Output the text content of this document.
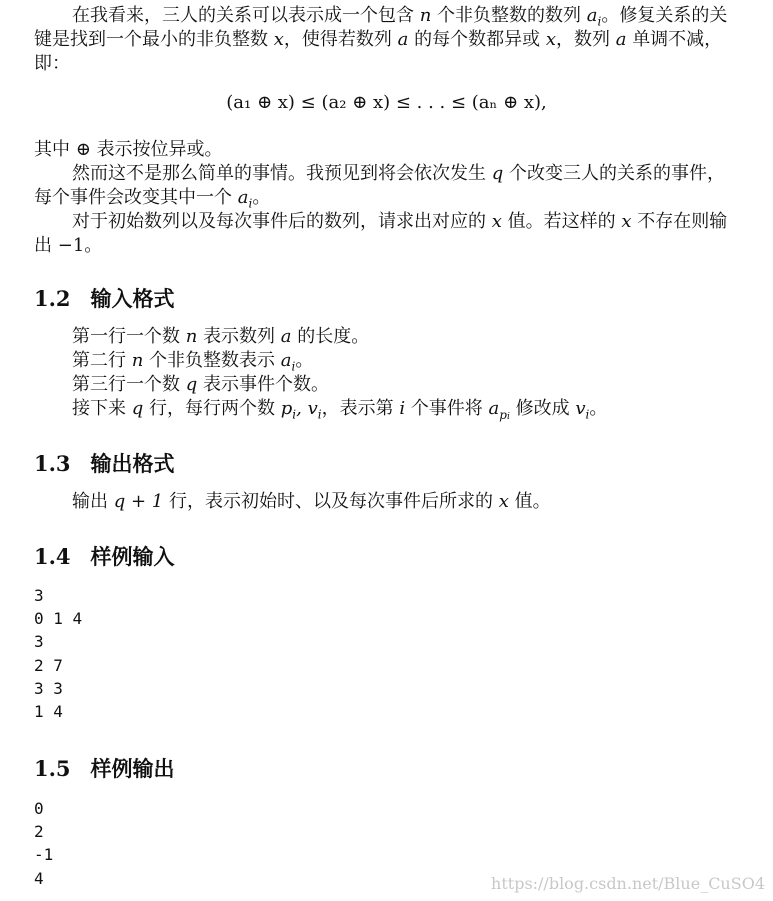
在我看来，三人的关系可以表示成一个包含 n 个非负整数的数列 $a_i$。修复关系的关键是找到一个最小的非负整数 x，使得若数列 a 的每个数都异或 x，数列 a 单调不减，即：

(a₁ ⊕ x) ≤ (a₂ ⊕ x) ≤ . . . ≤ (aₙ ⊕ x),

其中 ⊕ 表示按位异或。

然而这不是那么简单的事情。我预见到将会依次发生 q 个改变三人的关系的事件，每个事件会改变其中一个 $a_i$。

对于初始数列以及每次事件后的数列，请求出对应的 x 值。若这样的 x 不存在则输出 −1。

1.2 输入格式
第一行一个数 n 表示数列 a 的长度。
第二行 n 个非负整数表示 $a_i$。
第三行一个数 q 表示事件个数。
接下来 q 行，每行两个数 $p_i$, $v_i$，表示第 i 个事件将 $a_{pi}$ 修改成 $v_i$。
1.3 输出格式
输出 q + 1 行，表示初始时、以及每次事件后所求的 x 值。
1.4 样例输入
3
0 1 4
3
2 7
3 3
1 4
1.5 样例输出
0
2
-1
4	https://blog.csdn.net/Blue_CuSO4
